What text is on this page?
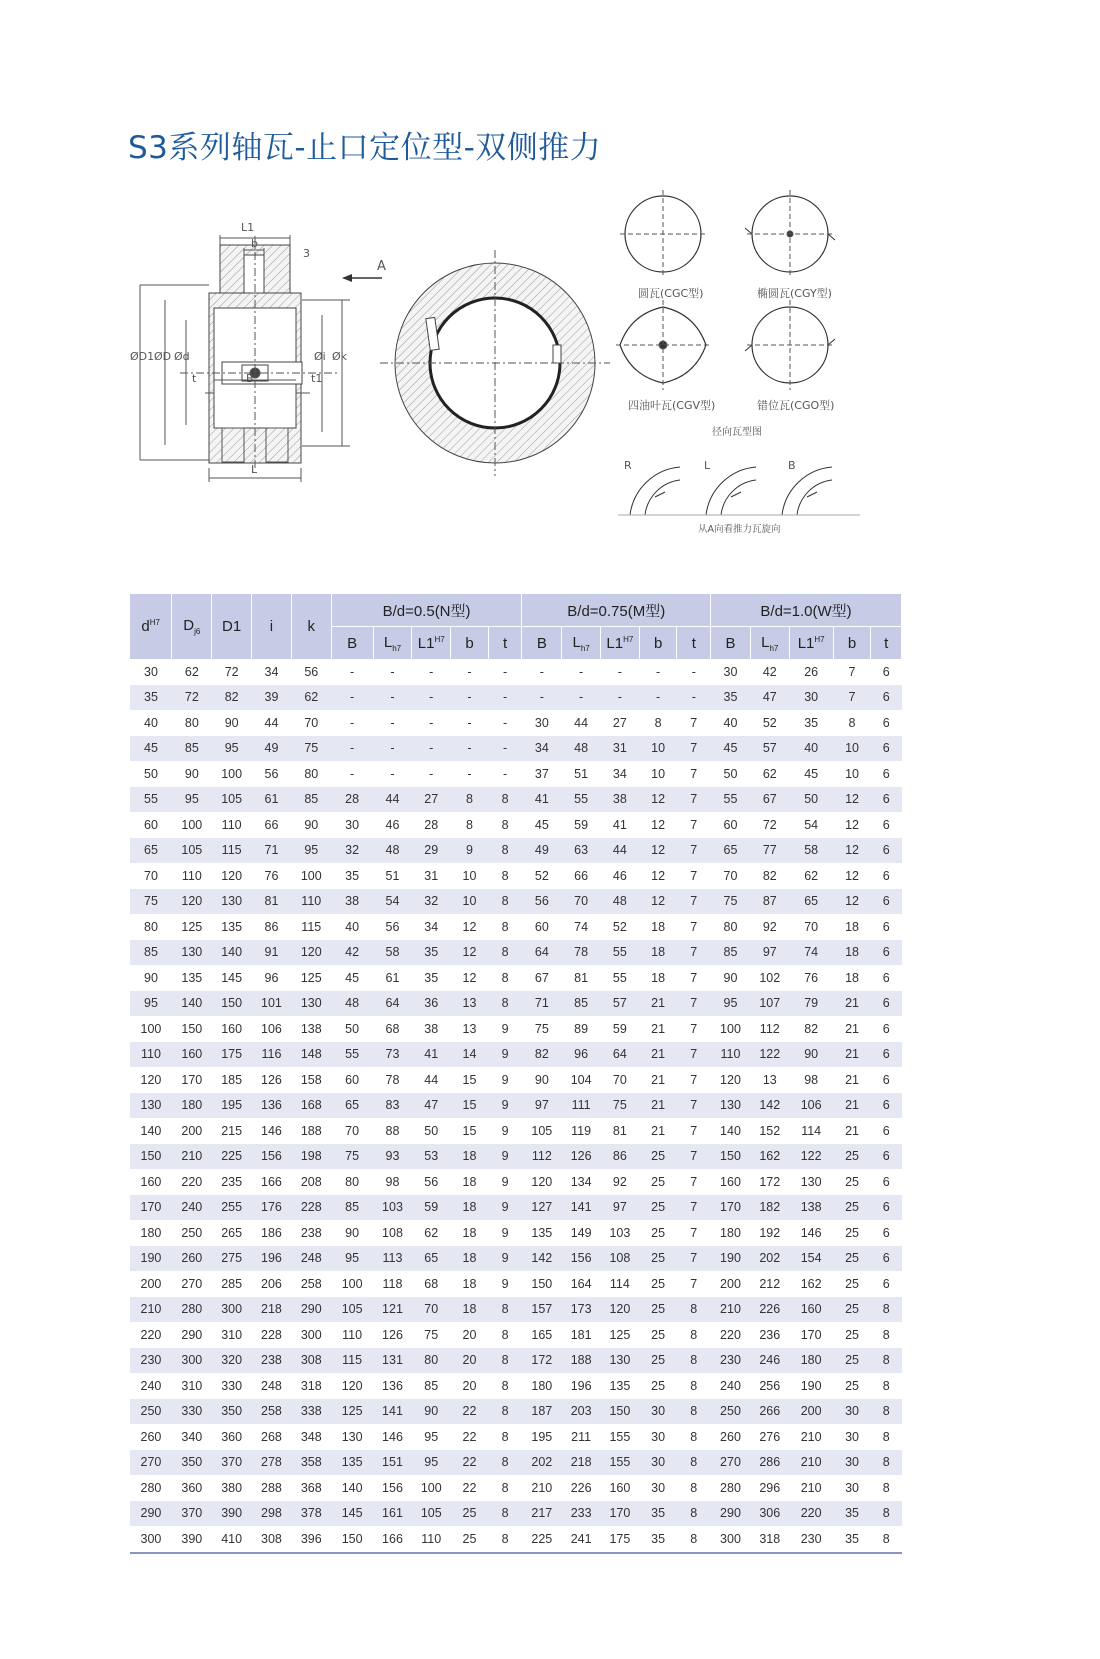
S3系列轴瓦-止口定位型-双侧推力
L1
b
3
A
ØD1 ØD Ød
t	B
Øi Øk
t1
L
圆瓦(CGC型)	椭圆瓦(CGY型)
四油叶瓦(CGV型)	错位瓦(CGO型)
径向瓦型图
R	L	B
从A向看推力瓦旋向
$d^{H7}$	$D_{j6}$	D1	i	k	B/d=0.5(N型)					B/d=0.75(M型)					B/d=1.0(W型)				
					B	$L_{h7}$	$L1^{H7}$	b	t	B	$L_{h7}$	$L1^{H7}$	b	t	B	$L_{h7}$	$L1^{H7}$	b	t
30	62	72	34	56	-	-	-	-	-	-	-	-	-	-	30	42	26	7	6
35	72	82	39	62	-	-	-	-	-	-	-	-	-	-	35	47	30	7	6
40	80	90	44	70	-	-	-	-	-	30	44	27	8	7	40	52	35	8	6
45	85	95	49	75	-	-	-	-	-	34	48	31	10	7	45	57	40	10	6
50	90	100	56	80	-	-	-	-	-	37	51	34	10	7	50	62	45	10	6
55	95	105	61	85	28	44	27	8	8	41	55	38	12	7	55	67	50	12	6
60	100	110	66	90	30	46	28	8	8	45	59	41	12	7	60	72	54	12	6
65	105	115	71	95	32	48	29	9	8	49	63	44	12	7	65	77	58	12	6
70	110	120	76	100	35	51	31	10	8	52	66	46	12	7	70	82	62	12	6
75	120	130	81	110	38	54	32	10	8	56	70	48	12	7	75	87	65	12	6
80	125	135	86	115	40	56	34	12	8	60	74	52	18	7	80	92	70	18	6
85	130	140	91	120	42	58	35	12	8	64	78	55	18	7	85	97	74	18	6
90	135	145	96	125	45	61	35	12	8	67	81	55	18	7	90	102	76	18	6
95	140	150	101	130	48	64	36	13	8	71	85	57	21	7	95	107	79	21	6
100	150	160	106	138	50	68	38	13	9	75	89	59	21	7	100	112	82	21	6
110	160	175	116	148	55	73	41	14	9	82	96	64	21	7	110	122	90	21	6
120	170	185	126	158	60	78	44	15	9	90	104	70	21	7	120	13	98	21	6
130	180	195	136	168	65	83	47	15	9	97	111	75	21	7	130	142	106	21	6
140	200	215	146	188	70	88	50	15	9	105	119	81	21	7	140	152	114	21	6
150	210	225	156	198	75	93	53	18	9	112	126	86	25	7	150	162	122	25	6
160	220	235	166	208	80	98	56	18	9	120	134	92	25	7	160	172	130	25	6
170	240	255	176	228	85	103	59	18	9	127	141	97	25	7	170	182	138	25	6
180	250	265	186	238	90	108	62	18	9	135	149	103	25	7	180	192	146	25	6
190	260	275	196	248	95	113	65	18	9	142	156	108	25	7	190	202	154	25	6
200	270	285	206	258	100	118	68	18	9	150	164	114	25	7	200	212	162	25	6
210	280	300	218	290	105	121	70	18	8	157	173	120	25	8	210	226	160	25	8
220	290	310	228	300	110	126	75	20	8	165	181	125	25	8	220	236	170	25	8
230	300	320	238	308	115	131	80	20	8	172	188	130	25	8	230	246	180	25	8
240	310	330	248	318	120	136	85	20	8	180	196	135	25	8	240	256	190	25	8
250	330	350	258	338	125	141	90	22	8	187	203	150	30	8	250	266	200	30	8
260	340	360	268	348	130	146	95	22	8	195	211	155	30	8	260	276	210	30	8
270	350	370	278	358	135	151	95	22	8	202	218	155	30	8	270	286	210	30	8
280	360	380	288	368	140	156	100	22	8	210	226	160	30	8	280	296	210	30	8
290	370	390	298	378	145	161	105	25	8	217	233	170	35	8	290	306	220	35	8
300	390	410	308	396	150	166	110	25	8	225	241	175	35	8	300	318	230	35	8
